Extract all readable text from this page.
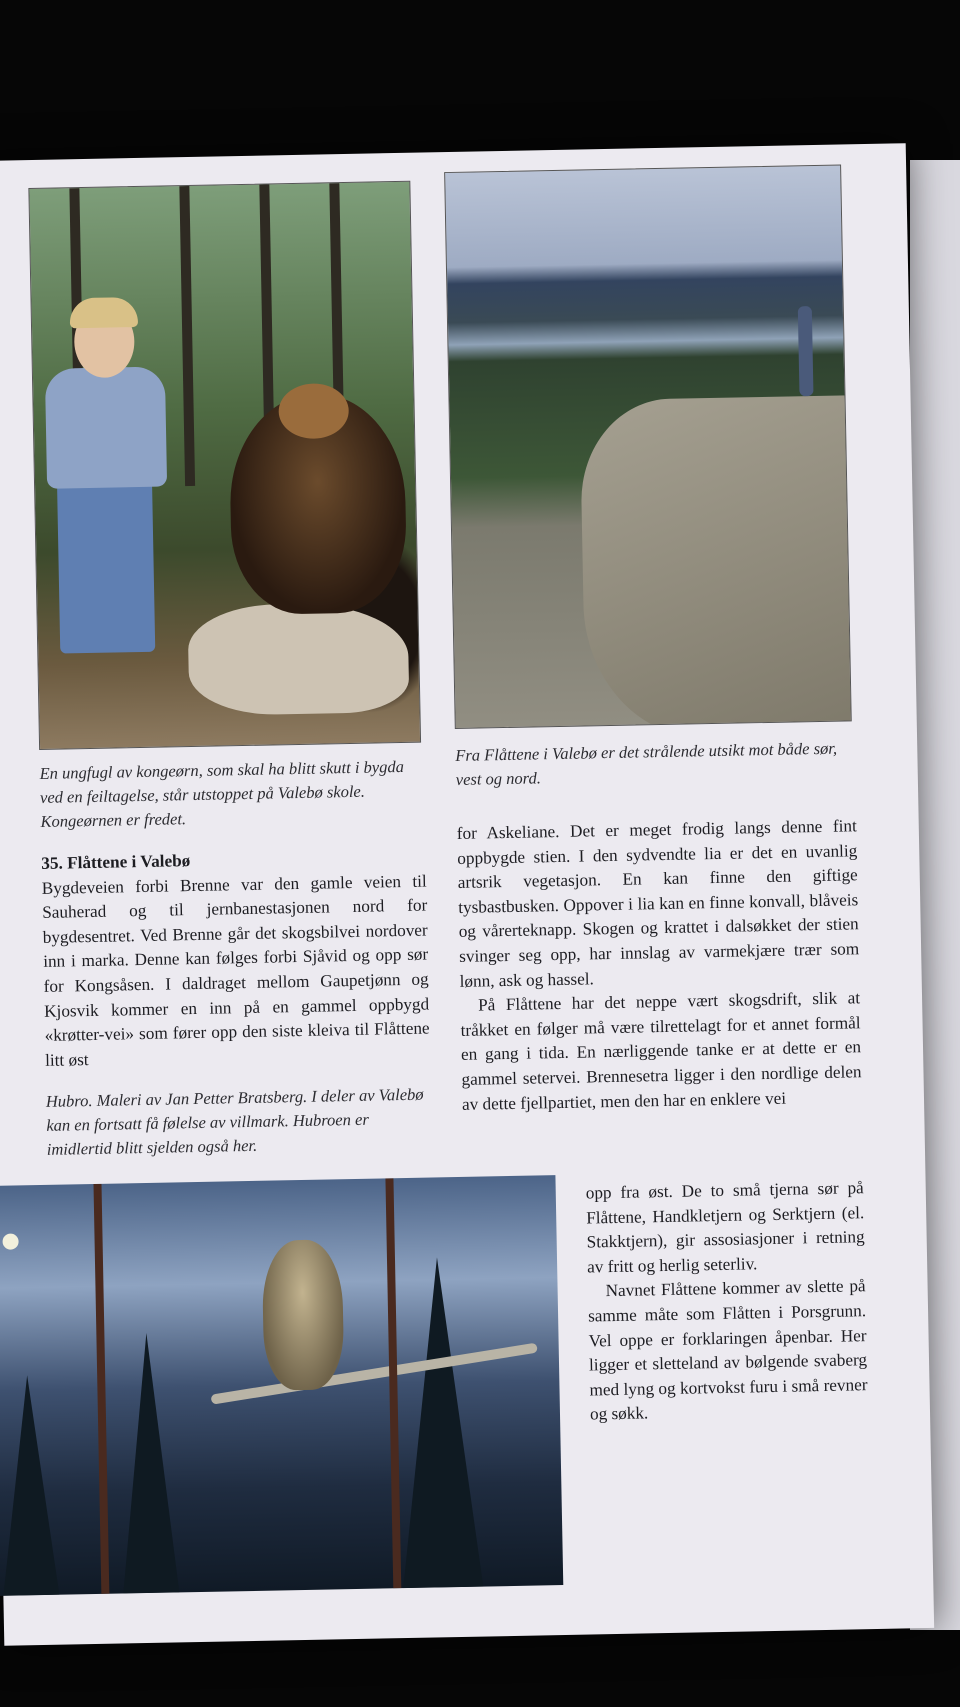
En ungfugl av kongeørn, som skal ha blitt skutt i bygda ved en feiltagelse, står utstoppet på Valebø skole. Kongeørnen er fredet.
Fra Flåttene i Valebø er det strålende utsikt mot både sør, vest og nord.

35. Flåttene i Valebø

Bygdeveien forbi Brenne var den gamle veien til Sauherad og til jernbanestasjonen nord for bygdesentret. Ved Brenne går det skogsbilvei nordover inn i marka. Denne kan følges forbi Sjåvid og opp sør for Kongsåsen. I daldraget mellom Gaupetjønn og Kjosvik kommer en inn på en gammel oppbygd «krøtter-vei» som fører opp den siste kleiva til Flåttene litt øst

Hubro. Maleri av Jan Petter Bratsberg. I deler av Valebø kan en fortsatt få følelse av villmark. Hubroen er imidlertid blitt sjelden også her.

for Askeliane. Det er meget frodig langs denne fint oppbygde stien. I den sydvendte lia er det en uvanlig artsrik vegetasjon. En kan finne den giftige tysbastbusken. Oppover i lia kan en finne konvall, blåveis og vårerteknapp. Skogen og krattet i dalsøkket der stien svinger seg opp, har innslag av varmekjære trær som lønn, ask og hassel.

På Flåttene har det neppe vært skogsdrift, slik at tråkket en følger må være tilrettelagt for et annet formål en gang i tida. En nærliggende tanke er at dette er en gammel setervei. Brennesetra ligger i den nordlige delen av dette fjellpartiet, men den har en enklere vei

opp fra øst. De to små tjerna sør på Flåttene, Handkletjern og Serktjern (el. Stakktjern), gir assosiasjoner i retning av fritt og herlig seterliv.

Navnet Flåttene kommer av slette på samme måte som Flåtten i Porsgrunn. Vel oppe er forklaringen åpenbar. Her ligger et sletteland av bølgende svaberg med lyng og kortvokst furu i små revner og søkk.
